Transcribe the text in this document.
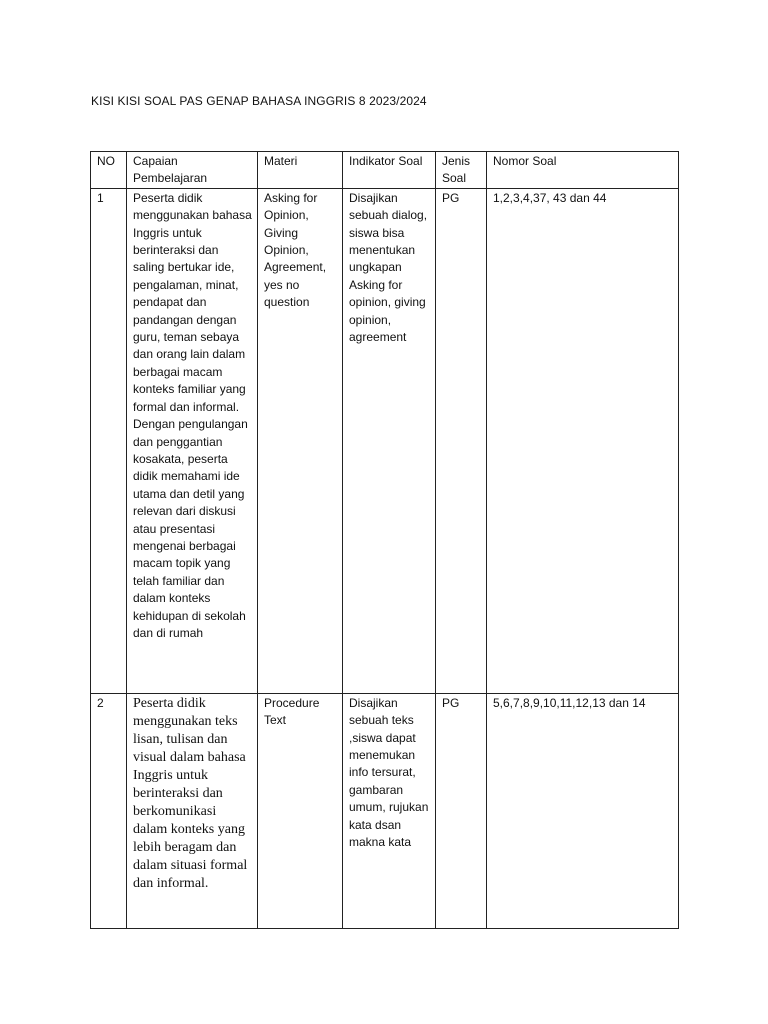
KISI KISI SOAL PAS GENAP BAHASA INGGRIS 8 2023/2024
NO	Capaian Pembelajaran	Materi	Indikator Soal	Jenis Soal	Nomor Soal
1	Peserta didik menggunakan bahasa Inggris untuk berinteraksi dan saling bertukar ide, pengalaman, minat, pendapat dan pandangan dengan guru, teman sebaya dan orang lain dalam berbagai macam konteks familiar yang formal dan informal. Dengan pengulangan dan penggantian kosakata, peserta didik memahami ide utama dan detil yang relevan dari diskusi atau presentasi mengenai berbagai macam topik yang telah familiar dan dalam konteks kehidupan di sekolah dan di rumah	Asking for Opinion, Giving Opinion, Agreement, yes no question	Disajikan sebuah dialog, siswa bisa menentukan ungkapan Asking for opinion, giving opinion, agreement	PG	1,2,3,4,37, 43 dan 44
2	Peserta didik menggunakan teks lisan, tulisan dan visual dalam bahasa Inggris untuk berinteraksi dan berkomunikasi dalam konteks yang lebih beragam dan dalam situasi formal dan informal.	Procedure Text	Disajikan sebuah teks ,siswa dapat menemukan info tersurat, gambaran umum, rujukan kata dsan makna kata	PG	5,6,7,8,9,10,11,12,13 dan 14
